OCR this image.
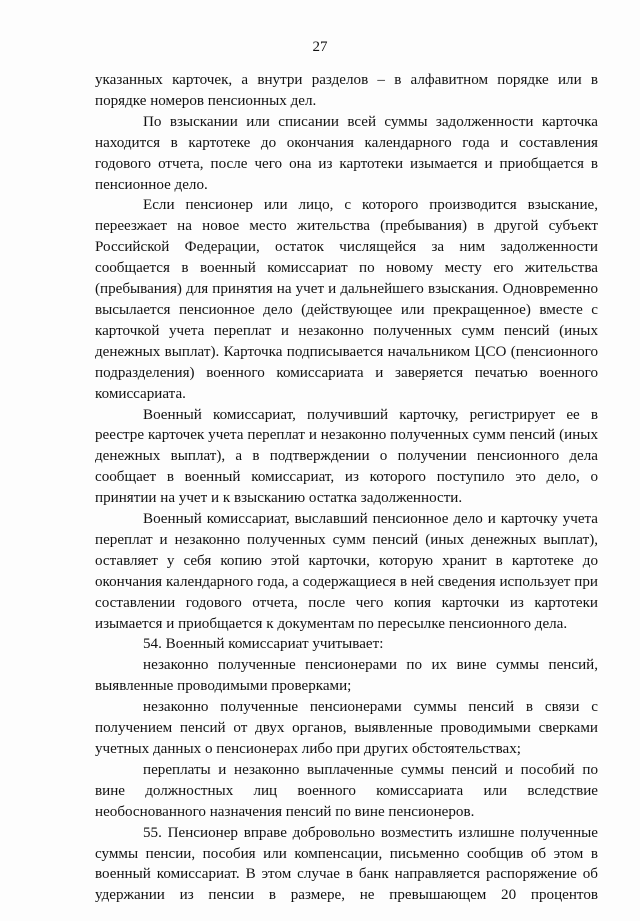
27

указанных карточек, а внутри разделов – в алфавитном порядке или в порядке номеров пенсионных дел.

По взыскании или списании всей суммы задолженности карточка находится в картотеке до окончания календарного года и составления годового отчета, после чего она из картотеки изымается и приобщается в пенсионное дело.

Если пенсионер или лицо, с которого производится взыскание, переезжает на новое место жительства (пребывания) в другой субъект Российской Федерации, остаток числящейся за ним задолженности сообщается в военный комиссариат по новому месту его жительства (пребывания) для принятия на учет и дальнейшего взыскания. Одновременно высылается пенсионное дело (действующее или прекращенное) вместе с карточкой учета переплат и незаконно полученных сумм пенсий (иных денежных выплат). Карточка подписывается начальником ЦСО (пенсионного подразделения) военного комиссариата и заверяется печатью военного комиссариата.

Военный комиссариат, получивший карточку, регистрирует ее в реестре карточек учета переплат и незаконно полученных сумм пенсий (иных денежных выплат), а в подтверждении о получении пенсионного дела сообщает в военный комиссариат, из которого поступило это дело, о принятии на учет и к взысканию остатка задолженности.

Военный комиссариат, выславший пенсионное дело и карточку учета переплат и незаконно полученных сумм пенсий (иных денежных выплат), оставляет у себя копию этой карточки, которую хранит в картотеке до окончания календарного года, а содержащиеся в ней сведения использует при составлении годового отчета, после чего копия карточки из картотеки изымается и приобщается к документам по пересылке пенсионного дела.

54. Военный комиссариат учитывает:

незаконно полученные пенсионерами по их вине суммы пенсий, выявленные проводимыми проверками;

незаконно полученные пенсионерами суммы пенсий в связи с получением пенсий от двух органов, выявленные проводимыми сверками учетных данных о пенсионерах либо при других обстоятельствах;

переплаты и незаконно выплаченные суммы пенсий и пособий по вине должностных лиц военного комиссариата или вследствие необоснованного назначения пенсий по вине пенсионеров.

55. Пенсионер вправе добровольно возместить излишне полученные суммы пенсии, пособия или компенсации, письменно сообщив об этом в военный комиссариат. В этом случае в банк направляется распоряжение об удержании из пенсии в размере, не превышающем 20 процентов
